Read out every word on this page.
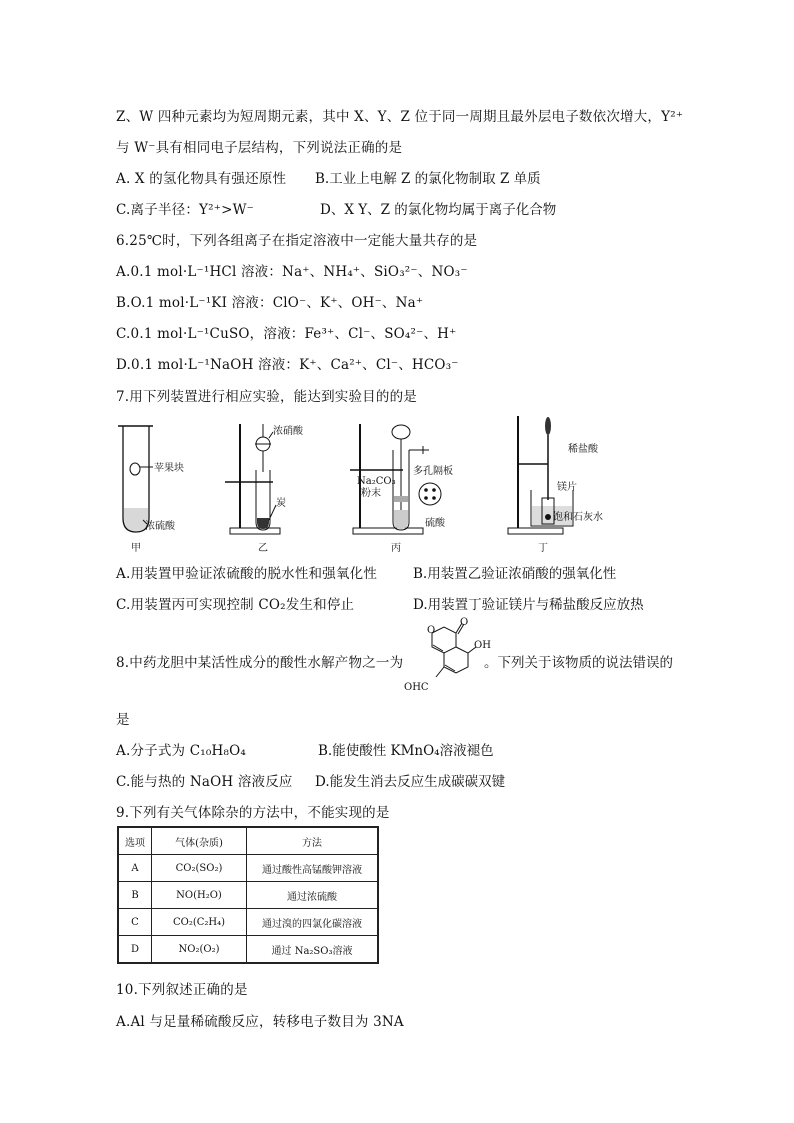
Z、W 四种元素均为短周期元素，其中 X、Y、Z 位于同一周期且最外层电子数依次增大，Y²⁺
与 W⁻具有相同电子层结构，下列说法正确的是
A. X 的氢化物具有强还原性 B.工业上电解 Z 的氯化物制取 Z 单质
C.离子半径：Y²⁺>W⁻	D、X Y、Z 的氯化物均属于离子化合物
6.25℃时，下列各组离子在指定溶液中一定能大量共存的是
A.0.1 mol·L⁻¹HCl 溶液：Na⁺、NH₄⁺、SiO₃²⁻、NO₃⁻
B.O.1 mol·L⁻¹KI 溶液：ClO⁻、K⁺、OH⁻、Na⁺
C.0.1 mol·L⁻¹CuSO，溶液：Fe³⁺、Cl⁻、SO₄²⁻、H⁺
D.0.1 mol·L⁻¹NaOH 溶液：K⁺、Ca²⁺、Cl⁻、HCO₃⁻
7.用下列装置进行相应实验，能达到实验目的的是
苹果块
浓硫酸
甲
浓硝酸
炭
乙
Na₂CO₃
粉末
多孔隔板
硫酸
丙
稀盐酸
镁片
饱和石灰水
丁
A.用装置甲验证浓硫酸的脱水性和强氧化性	B.用装置乙验证浓硝酸的强氧化性
C.用装置丙可实现控制 CO₂发生和停止	D.用装置丁验证镁片与稀盐酸反应放热
8.中药龙胆中某活性成分的酸性水解产物之一为
O
O
OH
OHC
。下列关于该物质的说法错误的
是
A.分子式为 C₁₀H₈O₄	B.能使酸性 KMnO₄溶液褪色
C.能与热的 NaOH 溶液反应 D.能发生消去反应生成碳碳双键
9.下列有关气体除杂的方法中，不能实现的是
选项	气体(杂质)	方法
A	CO₂(SO₂)	通过酸性高锰酸钾溶液
B	NO(H₂O)	通过浓硫酸
C	CO₂(C₂H₄)	通过溴的四氯化碳溶液
D	NO₂(O₂)	通过 Na₂SO₃溶液
10.下列叙述正确的是
A.Al 与足量稀硫酸反应，转移电子数目为 3NA
